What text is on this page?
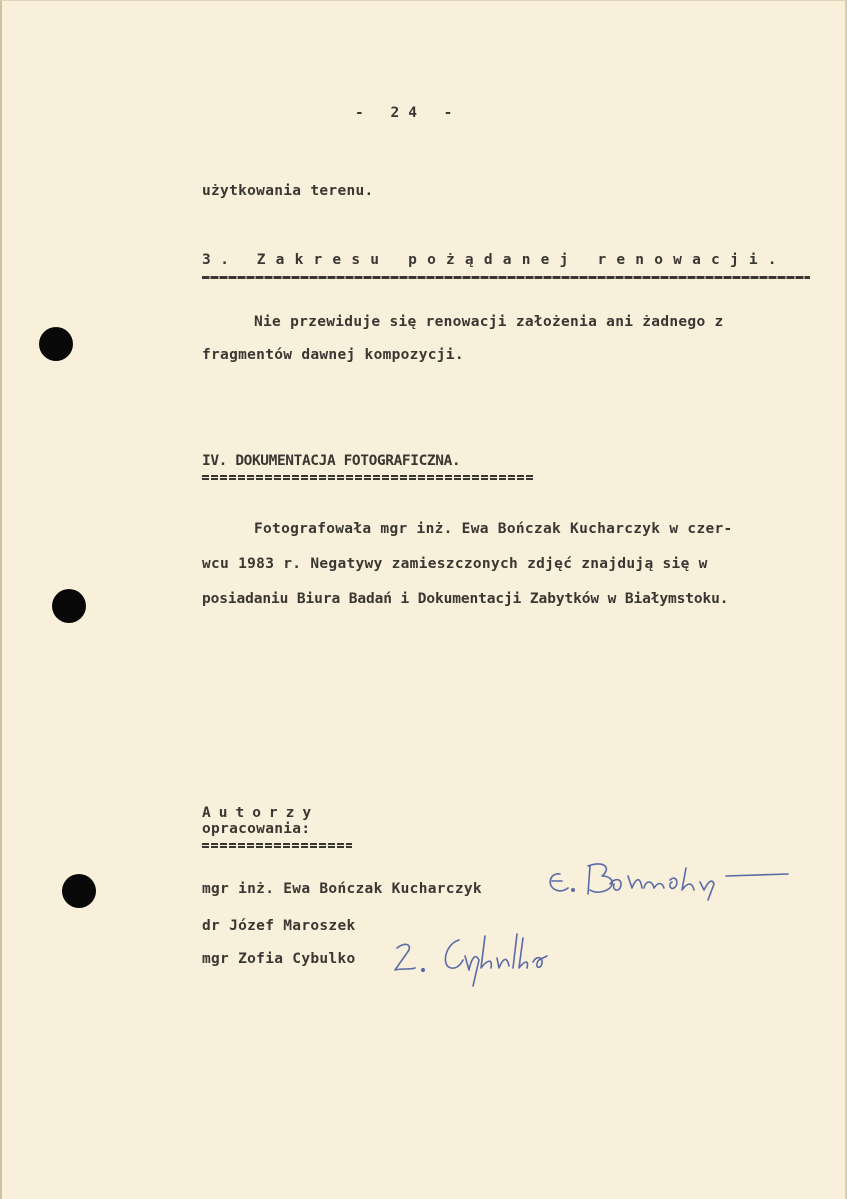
- 24 -
użytkowania terenu.
3. Zakresu pożądanej renowacji.
Nie przewiduje się renowacji założenia ani żadnego z
fragmentów dawnej kompozycji.
IV. DOKUMENTACJA FOTOGRAFICZNA.
Fotografowała mgr inż. Ewa Bończak Kucharczyk w czer-
wcu 1983 r. Negatywy zamieszczonych zdjęć znajdują się w
posiadaniu Biura Badań i Dokumentacji Zabytków w Białymstoku.
Autorzy
opracowania:
mgr inż. Ewa Bończak Kucharczyk
dr Józef Maroszek
mgr Zofia Cybulko
